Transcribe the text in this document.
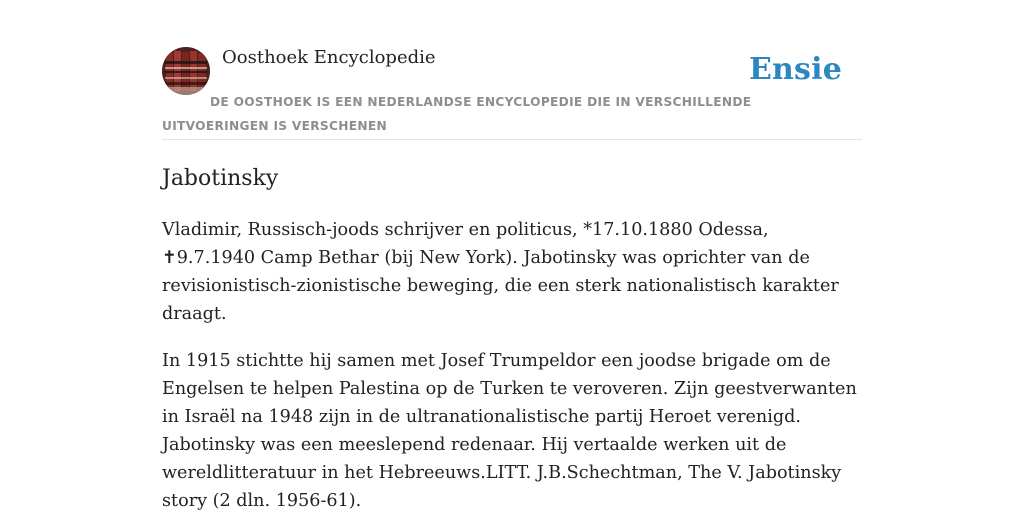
Oosthoek Encyclopedie	Ensie
DE OOSTHOEK IS EEN NEDERLANDSE ENCYCLOPEDIE DIE IN VERSCHILLENDE UITVOERINGEN IS VERSCHENEN
Jabotinsky

Vladimir, Russisch-joods schrijver en politicus, *17.10.1880 Odessa, ✝9.7.1940 Camp Bethar (bij New York). Jabotinsky was oprichter van de revisionistisch-zionistische beweging, die een sterk nationalistisch karakter draagt.

In 1915 stichtte hij samen met Josef Trumpeldor een joodse brigade om de Engelsen te helpen Palestina op de Turken te veroveren. Zijn geestverwanten in Israël na 1948 zijn in de ultranationalistische partij Heroet verenigd. Jabotinsky was een meeslepend redenaar. Hij vertaalde werken uit de wereldlitteratuur in het Hebreeuws.LITT. J.B.Schechtman, The V. Jabotinsky story (2 dln. 1956-61).
